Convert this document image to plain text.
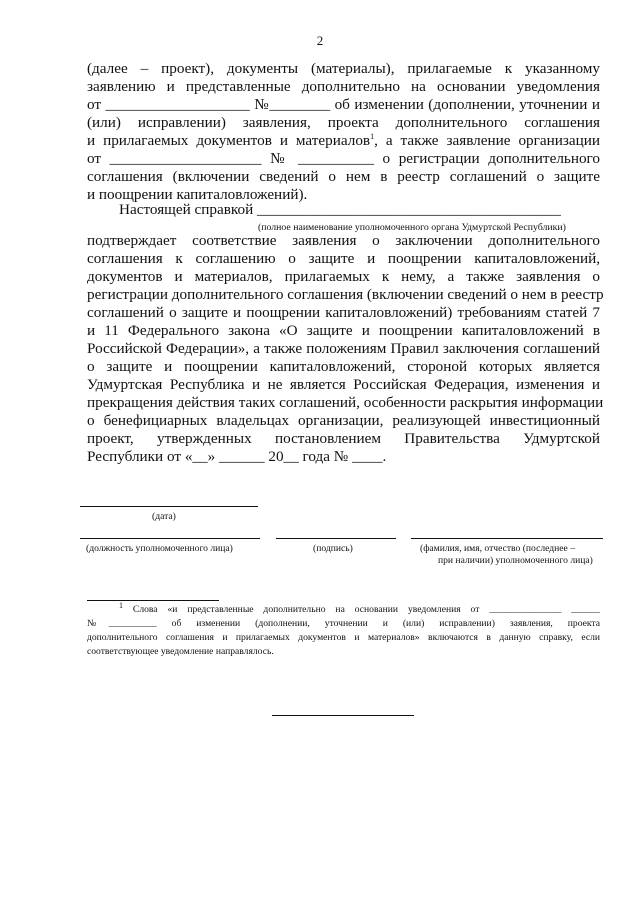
2
(далее – проект), документы (материалы), прилагаемые к указанному
заявлению и представленные дополнительно на основании уведомления
от ___________________ №________ об изменении (дополнении, уточнении и
(или) исправлении) заявления, проекта дополнительного соглашения
и прилагаемых документов и материалов$^1$, а также заявление организации
от ____________________ № __________ о регистрации дополнительного
соглашения (включении сведений о нем в реестр соглашений о защите
и поощрении капиталовложений).
Настоящей справкой ________________________________________
(полное наименование уполномоченного органа Удмуртской Республики)
подтверждает соответствие заявления о заключении дополнительного
соглашения к соглашению о защите и поощрении капиталовложений,
документов и материалов, прилагаемых к нему, а также заявления о
регистрации дополнительного соглашения (включении сведений о нем в реестр
соглашений о защите и поощрении капиталовложений) требованиям статей 7
и 11 Федерального закона «О защите и поощрении капиталовложений в
Российской Федерации», а также положениям Правил заключения соглашений
о защите и поощрении капиталовложений, стороной которых является
Удмуртская Республика и не является Российская Федерация, изменения и
прекращения действия таких соглашений, особенности раскрытия информации
о бенефициарных владельцах организации, реализующей инвестиционный
проект, утвержденных постановлением Правительства Удмуртской
Республики от «__» ______ 20__ года № ____.
(дата)
(должность уполномоченного лица)	(подпись)	(фамилия, имя, отчество (последнее –
при наличии) уполномоченного лица)
$^1$ Слова «и представленные дополнительно на основании уведомления от _______________ ______
№__________ об изменении (дополнении, уточнении и (или) исправлении) заявления, проекта
дополнительного соглашения и прилагаемых документов и материалов» включаются в данную справку, если
соответствующее уведомление направлялось.
